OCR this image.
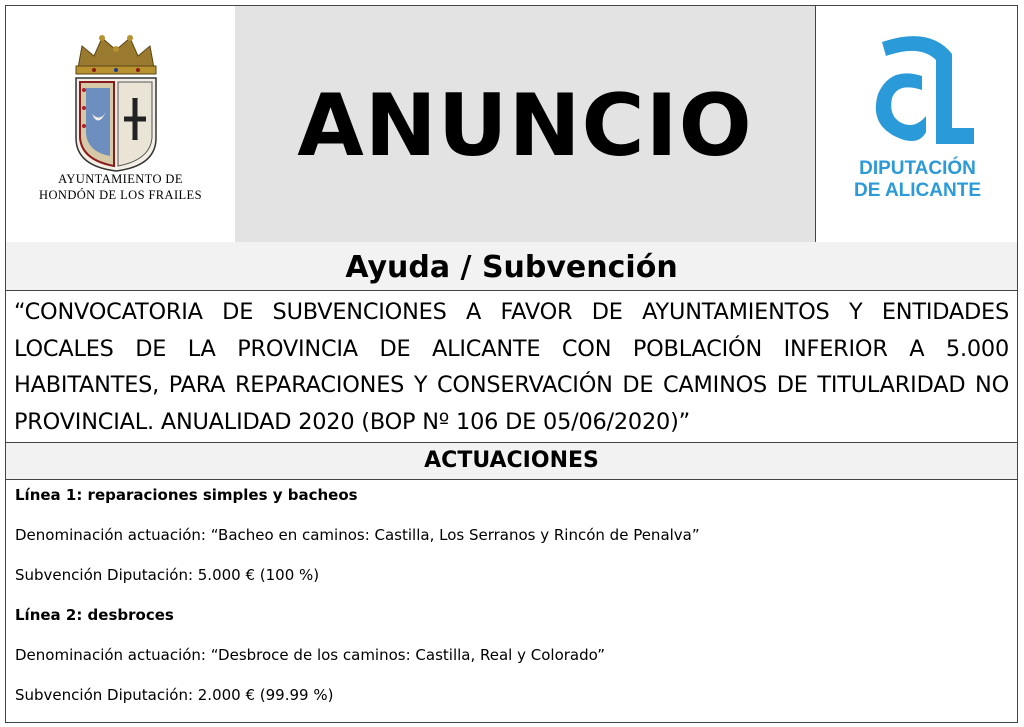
AYUNTAMIENTO DE
HONDÓN DE LOS FRAILES
ANUNCIO	DIPUTACIÓN
DE ALICANTE
Ayuda / Subvención
“CONVOCATORIA DE SUBVENCIONES A FAVOR DE AYUNTAMIENTOS Y ENTIDADES LOCALES DE LA PROVINCIA DE ALICANTE CON POBLACIÓN INFERIOR A 5.000 HABITANTES, PARA REPARACIONES Y CONSERVACIÓN DE CAMINOS DE TITULARIDAD NO PROVINCIAL. ANUALIDAD 2020 (BOP Nº 106 DE 05/06/2020)”
ACTUACIONES
Línea 1: reparaciones simples y bacheos
Denominación actuación: “Bacheo en caminos: Castilla, Los Serranos y Rincón de Penalva”
Subvención Diputación: 5.000 € (100 %)
Línea 2: desbroces
Denominación actuación: “Desbroce de los caminos: Castilla, Real y Colorado”
Subvención Diputación: 2.000 € (99.99 %)
